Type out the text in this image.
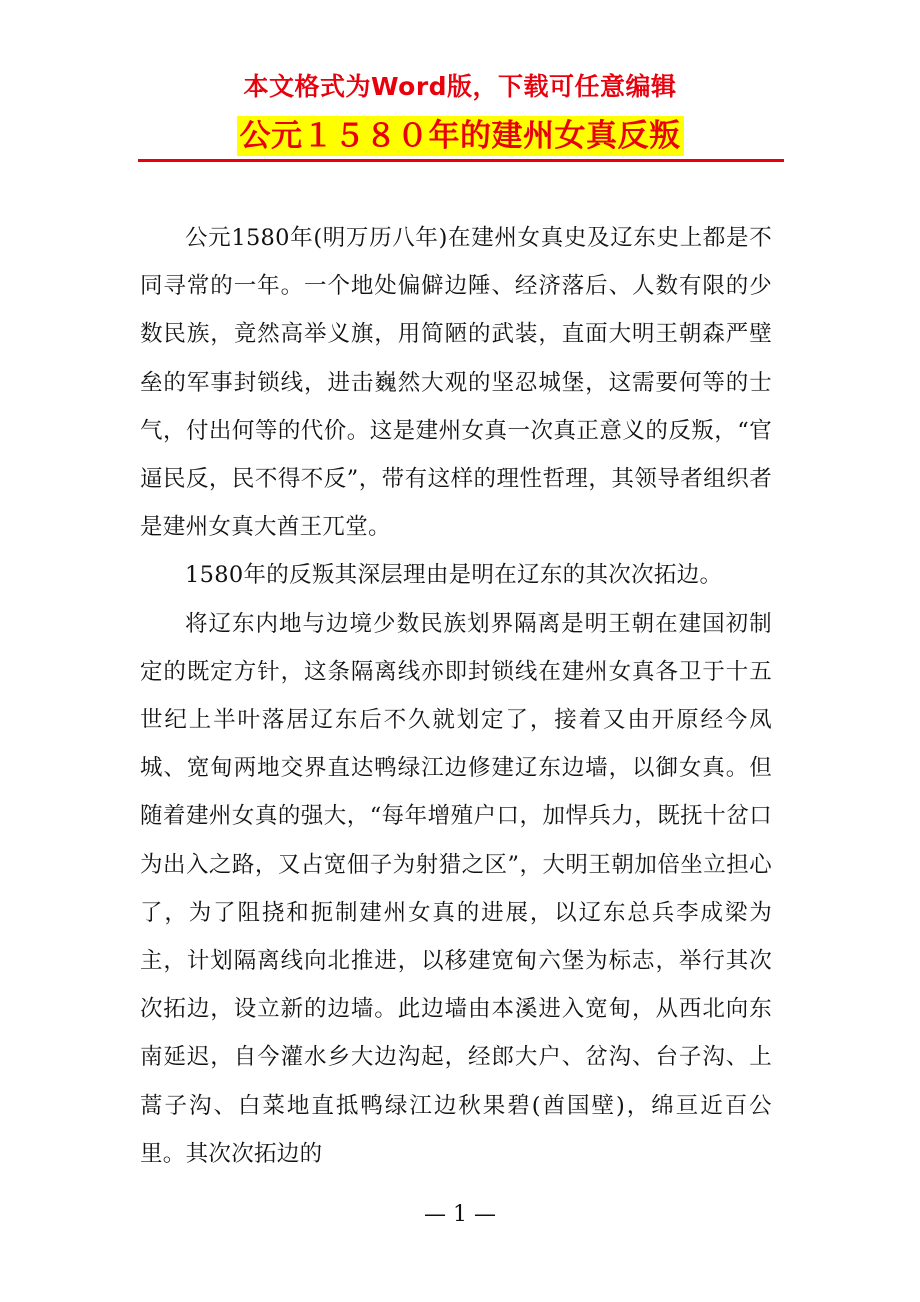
本文格式为Word版，下载可任意编辑
公元１５８０年的建州女真反叛

公元1580年(明万历八年)在建州女真史及辽东史上都是不同寻常的一年。一个地处偏僻边陲、经济落后、人数有限的少数民族，竟然高举义旗，用简陋的武装，直面大明王朝森严壁垒的军事封锁线，进击巍然大观的坚忍城堡，这需要何等的士气，付出何等的代价。这是建州女真一次真正意义的反叛，“官逼民反，民不得不反”，带有这样的理性哲理，其领导者组织者是建州女真大酋王兀堂。

1580年的反叛其深层理由是明在辽东的其次次拓边。

将辽东内地与边境少数民族划界隔离是明王朝在建国初制定的既定方针，这条隔离线亦即封锁线在建州女真各卫于十五世纪上半叶落居辽东后不久就划定了，接着又由开原经今凤城、宽甸两地交界直达鸭绿江边修建辽东边墙，以御女真。但随着建州女真的强大，“每年增殖户口，加悍兵力，既抚十岔口为出入之路，又占宽佃子为射猎之区”，大明王朝加倍坐立担心了，为了阻挠和扼制建州女真的进展，以辽东总兵李成梁为主，计划隔离线向北推进，以移建宽甸六堡为标志，举行其次次拓边，设立新的边墙。此边墙由本溪进入宽甸，从西北向东南延迟，自今灌水乡大边沟起，经郎大户、岔沟、台子沟、上蒿子沟、白菜地直抵鸭绿江边秋果碧(酋国壁)，绵亘近百公里。其次次拓边的

— 1 —
